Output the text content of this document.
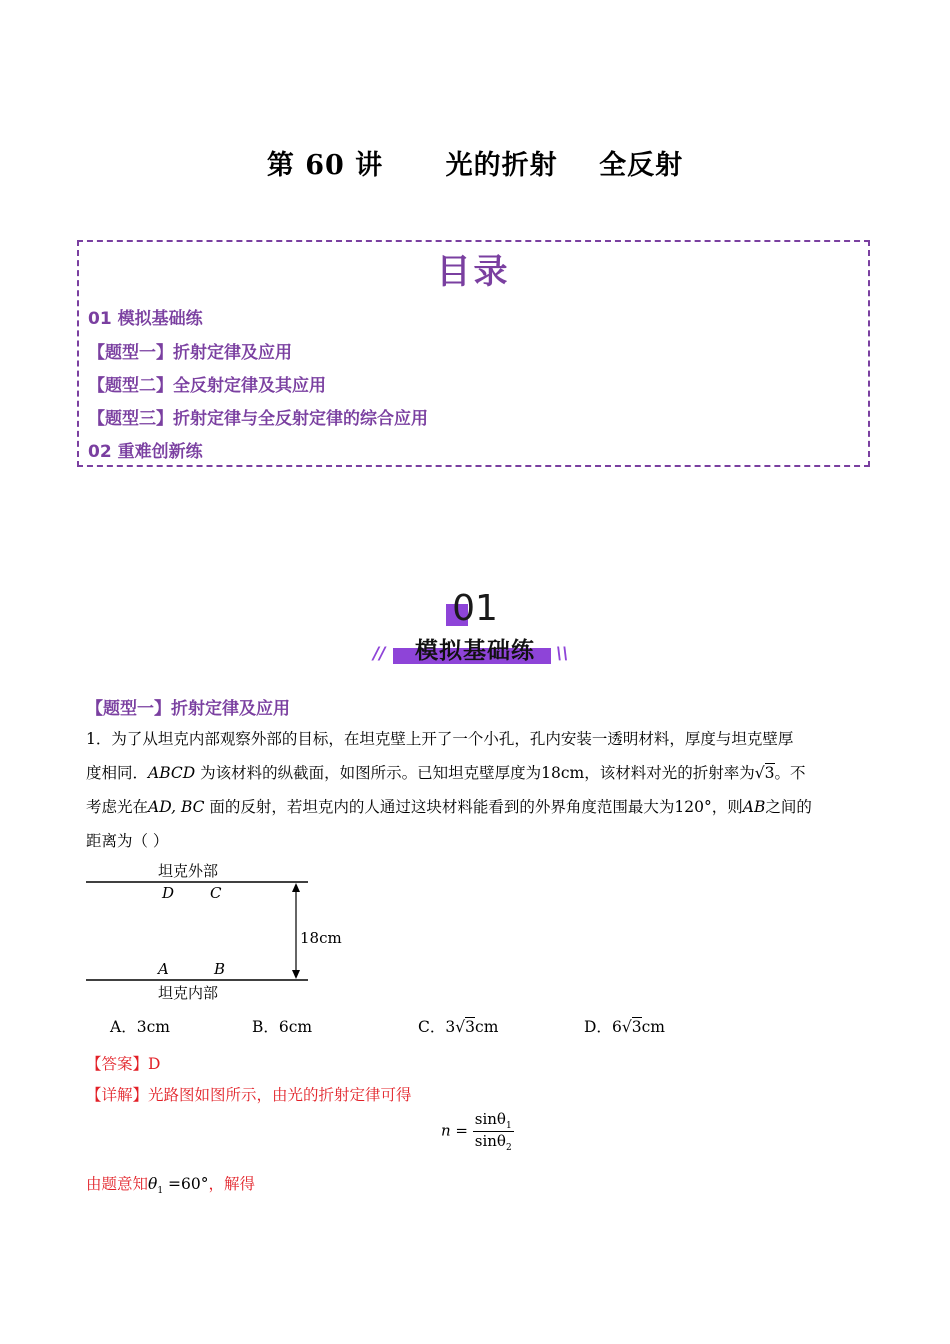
第 60 讲      光的折射    全反射
目录
01 模拟基础练
【题型一】折射定律及应用
【题型二】全反射定律及其应用
【题型三】折射定律与全反射定律的综合应用
02 重难创新练
01
模拟基础练
//	\\
【题型一】折射定律及应用
1．为了从坦克内部观察外部的目标，在坦克壁上开了一个小孔，孔内安装一透明材料，厚度与坦克壁厚
度相同．ABCD 为该材料的纵截面，如图所示。已知坦克壁厚度为18cm，该材料对光的折射率为√3。不
考虑光在AD, BC 面的反射，若坦克内的人通过这块材料能看到的外界角度范围最大为120°，则AB之间的
距离为（ ）
坦克外部
坦克内部
D C
A	B
18cm
A．3cm	B．6cm	C．3√3cm	D．6√3cm
【答案】D
【详解】光路图如图所示，由光的折射定律可得
$n = \frac{\sin\theta_1}{\sin\theta_2}$
由题意知$\theta_1 =60^\circ$，解得
